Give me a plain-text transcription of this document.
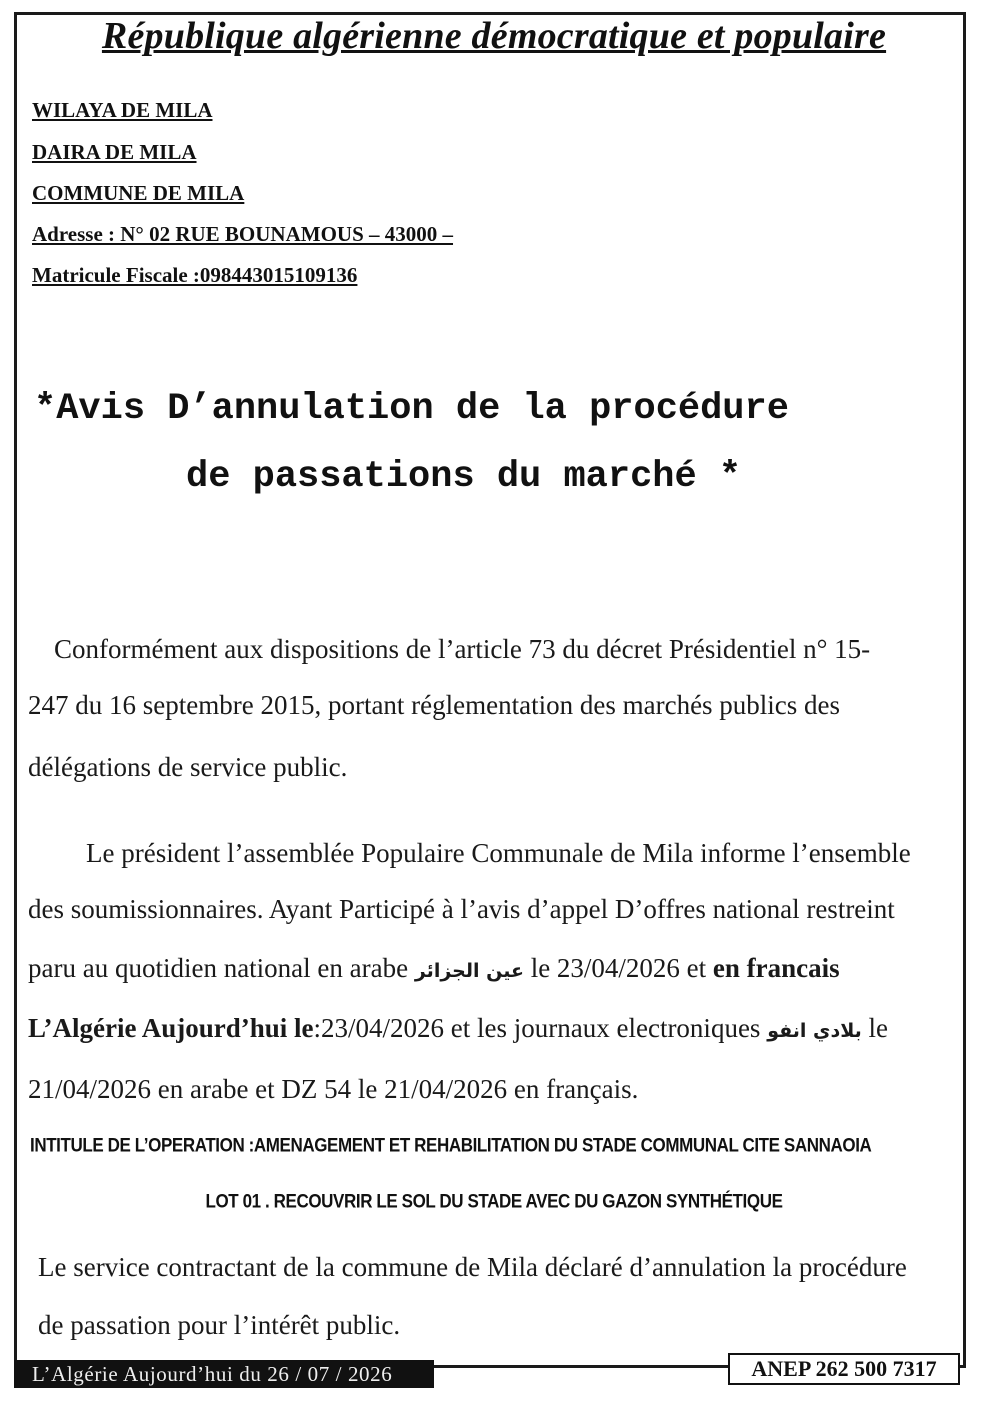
République algérienne démocratique et populaire
WILAYA DE MILA
DAIRA DE MILA
COMMUNE DE MILA
Adresse : N° 02 RUE BOUNAMOUS – 43000 –
Matricule Fiscale :098443015109136
*Avis D’annulation de la procédure
de passations du marché *
Conformément aux dispositions de l’article 73 du décret Présidentiel n° 15-
247 du 16 septembre 2015, portant réglementation des marchés publics des
délégations de service public.
Le président l’assemblée Populaire Communale de Mila informe l’ensemble
des soumissionnaires. Ayant Participé à l’avis d’appel D’offres national restreint
paru au quotidien national en arabe عين الجزائر le 23/04/2026 et en francais
L’Algérie Aujourd’hui le:23/04/2026 et les journaux electroniques بلادي انفو le
21/04/2026 en arabe et DZ 54 le 21/04/2026 en français.
INTITULE DE L’OPERATION :AMENAGEMENT ET REHABILITATION DU STADE COMMUNAL CITE SANNAOIA
LOT 01 . RECOUVRIR LE SOL DU STADE AVEC DU GAZON SYNTHÉTIQUE
Le service contractant de la commune de Mila déclaré d’annulation la procédure
de passation pour l’intérêt public.
L’Algérie Aujourd’hui du 26 / 07 / 2026	ANEP 262 500 7317
